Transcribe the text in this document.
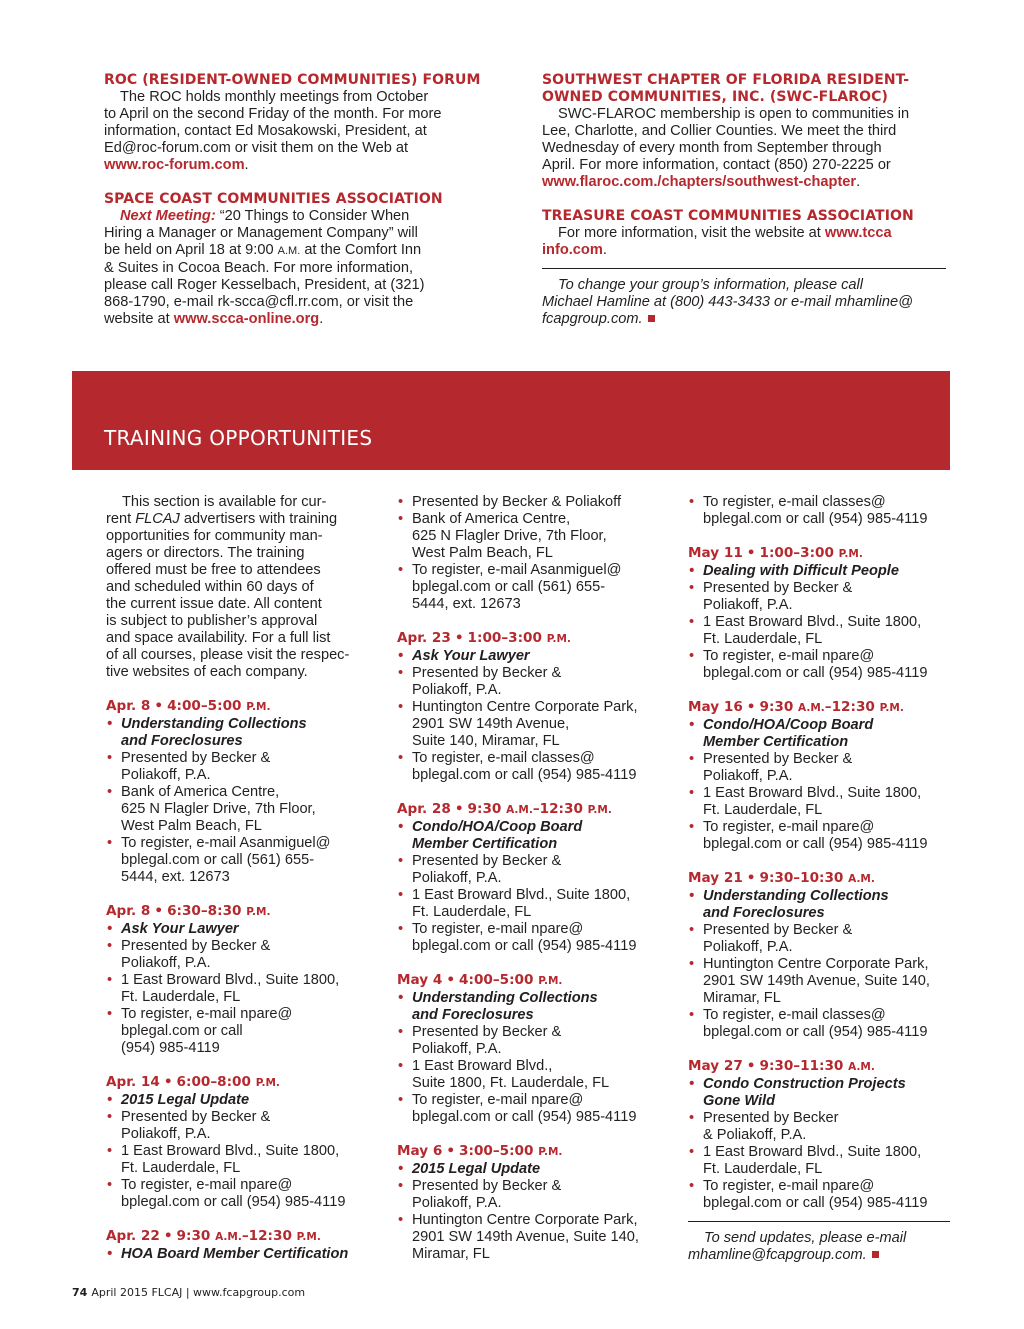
ROC (RESIDENT-OWNED COMMUNITIES) FORUM

The ROC holds monthly meetings from October

to April on the second Friday of the month. For more

information, contact Ed Mosakowski, President, at

Ed@roc-forum.com or visit them on the Web at

www.roc-forum.com.

SPACE COAST COMMUNITIES ASSOCIATION

Next Meeting: “20 Things to Consider When

Hiring a Manager or Management Company” will

be held on April 18 at 9:00 A.M. at the Comfort Inn

& Suites in Cocoa Beach. For more information,

please call Roger Kesselbach, President, at (321)

868-1790, e-mail rk-scca@cfl.rr.com, or visit the

website at www.scca-online.org.

SOUTHWEST CHAPTER OF FLORIDA RESIDENT-

OWNED COMMUNITIES, INC. (SWC-FLAROC)

SWC-FLAROC membership is open to communities in

Lee, Charlotte, and Collier Counties. We meet the third

Wednesday of every month from September through

April. For more information, contact (850) 270-2225 or

www.flaroc.com./chapters/southwest-chapter.

TREASURE COAST COMMUNITIES ASSOCIATION

For more information, visit the website at www.tcca

info.com.

To change your group’s information, please call

Michael Hamline at (800) 443-3433 or e-mail mhamline@

fcapgroup.com.

TRAINING OPPORTUNITIES
This section is available for cur-
rent FLCAJ advertisers with training
opportunities for community man-
agers or directors. The training
offered must be free to attendees
and scheduled within 60 days of
the current issue date. All content
is subject to publisher’s approval
and space availability. For a full list
of all courses, please visit the respec-
tive websites of each company.
Apr. 8 • 4:00–5:00 P.M.
• Understanding Collections
and Foreclosures
• Presented by Becker &
Poliakoff, P.A.
• Bank of America Centre,
625 N Flagler Drive, 7th Floor,
West Palm Beach, FL
• To register, e-mail Asanmiguel@
bplegal.com or call (561) 655-
5444, ext. 12673
Apr. 8 • 6:30–8:30 P.M.
• Ask Your Lawyer
• Presented by Becker &
Poliakoff, P.A.
• 1 East Broward Blvd., Suite 1800,
Ft. Lauderdale, FL
• To register, e-mail npare@
bplegal.com or call
(954) 985-4119
Apr. 14 • 6:00–8:00 P.M.
• 2015 Legal Update
• Presented by Becker &
Poliakoff, P.A.
• 1 East Broward Blvd., Suite 1800,
Ft. Lauderdale, FL
• To register, e-mail npare@
bplegal.com or call (954) 985-4119
Apr. 22 • 9:30 A.M.–12:30 P.M.
• HOA Board Member Certification
• Presented by Becker & Poliakoff
• Bank of America Centre,
625 N Flagler Drive, 7th Floor,
West Palm Beach, FL
• To register, e-mail Asanmiguel@
bplegal.com or call (561) 655-
5444, ext. 12673
Apr. 23 • 1:00–3:00 P.M.
• Ask Your Lawyer
• Presented by Becker &
Poliakoff, P.A.
• Huntington Centre Corporate Park,
2901 SW 149th Avenue,
Suite 140, Miramar, FL
• To register, e-mail classes@
bplegal.com or call (954) 985-4119
Apr. 28 • 9:30 A.M.–12:30 P.M.
• Condo/HOA/Coop Board
Member Certification
• Presented by Becker &
Poliakoff, P.A.
• 1 East Broward Blvd., Suite 1800,
Ft. Lauderdale, FL
• To register, e-mail npare@
bplegal.com or call (954) 985-4119
May 4 • 4:00–5:00 P.M.
• Understanding Collections
and Foreclosures
• Presented by Becker &
Poliakoff, P.A.
• 1 East Broward Blvd.,
Suite 1800, Ft. Lauderdale, FL
• To register, e-mail npare@
bplegal.com or call (954) 985-4119
May 6 • 3:00–5:00 P.M.
• 2015 Legal Update
• Presented by Becker &
Poliakoff, P.A.
• Huntington Centre Corporate Park,
2901 SW 149th Avenue, Suite 140,
Miramar, FL
• To register, e-mail classes@
bplegal.com or call (954) 985-4119
May 11 • 1:00–3:00 P.M.
• Dealing with Difficult People
• Presented by Becker &
Poliakoff, P.A.
• 1 East Broward Blvd., Suite 1800,
Ft. Lauderdale, FL
• To register, e-mail npare@
bplegal.com or call (954) 985-4119
May 16 • 9:30 A.M.–12:30 P.M.
• Condo/HOA/Coop Board
Member Certification
• Presented by Becker &
Poliakoff, P.A.
• 1 East Broward Blvd., Suite 1800,
Ft. Lauderdale, FL
• To register, e-mail npare@
bplegal.com or call (954) 985-4119
May 21 • 9:30–10:30 A.M.
• Understanding Collections
and Foreclosures
• Presented by Becker &
Poliakoff, P.A.
• Huntington Centre Corporate Park,
2901 SW 149th Avenue, Suite 140,
Miramar, FL
• To register, e-mail classes@
bplegal.com or call (954) 985-4119
May 27 • 9:30–11:30 A.M.
• Condo Construction Projects
Gone Wild
• Presented by Becker
& Poliakoff, P.A.
• 1 East Broward Blvd., Suite 1800,
Ft. Lauderdale, FL
• To register, e-mail npare@
bplegal.com or call (954) 985-4119
To send updates, please e-mail
mhamline@fcapgroup.com.
74 April 2015 FLCAJ | www.fcapgroup.com
